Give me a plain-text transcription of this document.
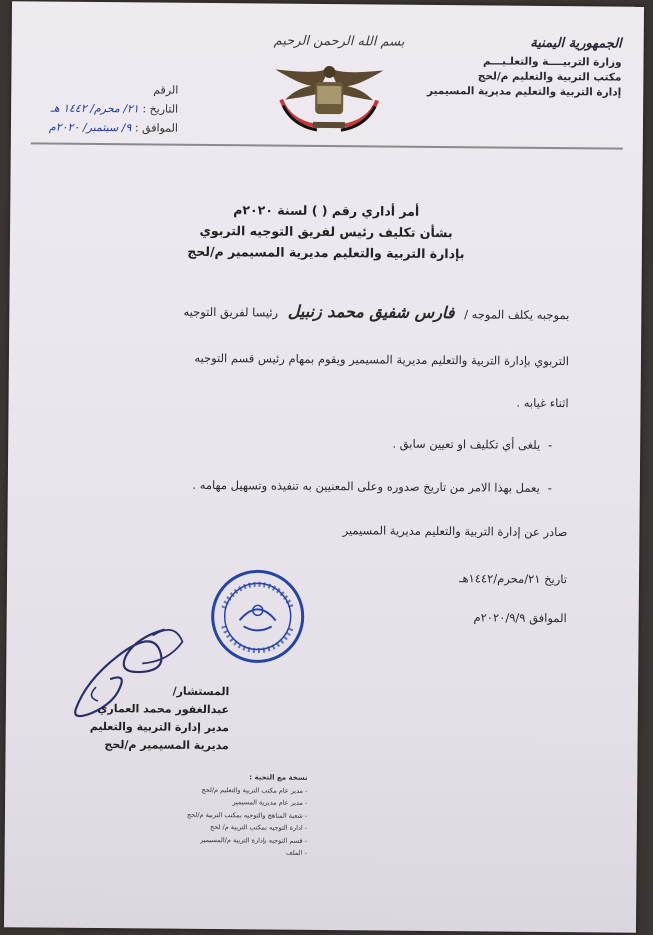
الجمهورية اليمنية
وزارة التربيــــة والتعلـيـــم
مكتب التربية والتعليم م/لحج
إدارة التربية والتعليم مديرية المسيمير
بسم الله الرحمن الرحيم
الرقم
التاريخ : ٢١/ محرم/ ١٤٤٢ هـ
الموافق : ٩/ سبتمبر/ ٢٠٢٠م
أمر أداري رقم ( ) لسنة ٢٠٢٠م
بشأن تكليف رئيس لفريق التوجيه التربوي
بإدارة التربية والتعليم مديرية المسيمير م/لحج
بموجبه يكلف الموجه / فارس شفيق محمد زنبيل رئيسا لفريق التوجيه
التربوي بإدارة التربية والتعليم مديرية المسيمير ويقوم بمهام رئيس قسم التوجيه
اثناء غيابه .
-يلغى أي تكليف او تعيين سابق .
-يعمل بهذا الامر من تاريخ صدوره وعلى المعنيين به تنفيذه وتسهيل مهامه .
صادر عن إدارة التربية والتعليم مديرية المسيمير
تاريخ ٢١/محرم/١٤٤٢هـ
الموافق ٢٠٢٠/٩/٩م
المستشار/
عبدالغفور محمد العماري
مدير إدارة التربية والتعليم
مديرية المسيمير م/لحج
نسخة مع التحية :
- مدير عام مكتب التربية والتعليم م/لحج
- مدير عام مديرية المسيمير
- شعبة المناهج والتوجيه بمكتب التربية م/لحج
- ادارة التوجيه بمكتب التربية م/ لحج
- قسم التوجيه بإدارة التربية م/المسيمير
- الملف
